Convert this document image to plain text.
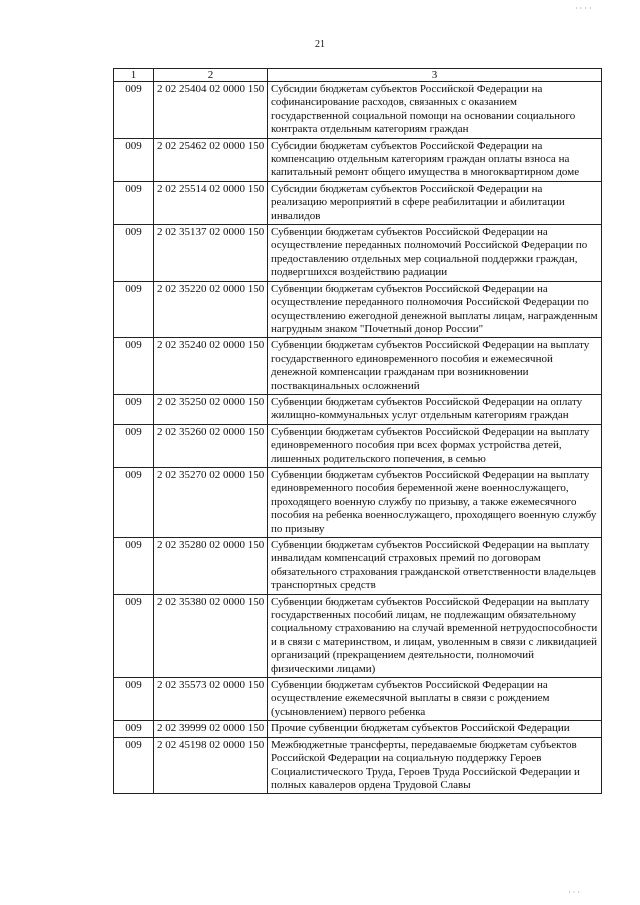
21
· · · ·
· · ·
1	2	3
009	2 02 25404 02 0000 150	Субсидии бюджетам субъектов Российской Федерации на софинансирование расходов, связанных с оказанием государственной социальной помощи на основании социального контракта отдельным категориям граждан
009	2 02 25462 02 0000 150	Субсидии бюджетам субъектов Российской Федерации на компенсацию отдельным категориям граждан оплаты взноса на капитальный ремонт общего имущества в многоквартирном доме
009	2 02 25514 02 0000 150	Субсидии бюджетам субъектов Российской Федерации на реализацию мероприятий в сфере реабилитации и абилитации инвалидов
009	2 02 35137 02 0000 150	Субвенции бюджетам субъектов Российской Федерации на осуществление переданных полномочий Российской Федерации по предоставлению отдельных мер социальной поддержки граждан, подвергшихся воздействию радиации
009	2 02 35220 02 0000 150	Субвенции бюджетам субъектов Российской Федерации на осуществление переданного полномочия Российской Федерации по осуществлению ежегодной денежной выплаты лицам, награжденным нагрудным знаком "Почетный донор России"
009	2 02 35240 02 0000 150	Субвенции бюджетам субъектов Российской Федерации на выплату государственного единовременного пособия и ежемесячной денежной компенсации гражданам при возникновении поствакцинальных осложнений
009	2 02 35250 02 0000 150	Субвенции бюджетам субъектов Российской Федерации на оплату жилищно-коммунальных услуг отдельным категориям граждан
009	2 02 35260 02 0000 150	Субвенции бюджетам субъектов Российской Федерации на выплату единовременного пособия при всех формах устройства детей, лишенных родительского попечения, в семью
009	2 02 35270 02 0000 150	Субвенции бюджетам субъектов Российской Федерации на выплату единовременного пособия беременной жене военнослужащего, проходящего военную службу по призыву, а также ежемесячного пособия на ребенка военнослужащего, проходящего военную службу по призыву
009	2 02 35280 02 0000 150	Субвенции бюджетам субъектов Российской Федерации на выплату инвалидам компенсаций страховых премий по договорам обязательного страхования гражданской ответственности владельцев транспортных средств
009	2 02 35380 02 0000 150	Субвенции бюджетам субъектов Российской Федерации на выплату государственных пособий лицам, не подлежащим обязательному социальному страхованию на случай временной нетрудоспособности и в связи с материнством, и лицам, уволенным в связи с ликвидацией организаций (прекращением деятельности, полномочий физическими лицами)
009	2 02 35573 02 0000 150	Субвенции бюджетам субъектов Российской Федерации на осуществление ежемесячной выплаты в связи с рождением (усыновлением) первого ребенка
009	2 02 39999 02 0000 150	Прочие субвенции бюджетам субъектов Российской Федерации
009	2 02 45198 02 0000 150	Межбюджетные трансферты, передаваемые бюджетам субъектов Российской Федерации на социальную поддержку Героев Социалистического Труда, Героев Труда Российской Федерации и полных кавалеров ордена Трудовой Славы
